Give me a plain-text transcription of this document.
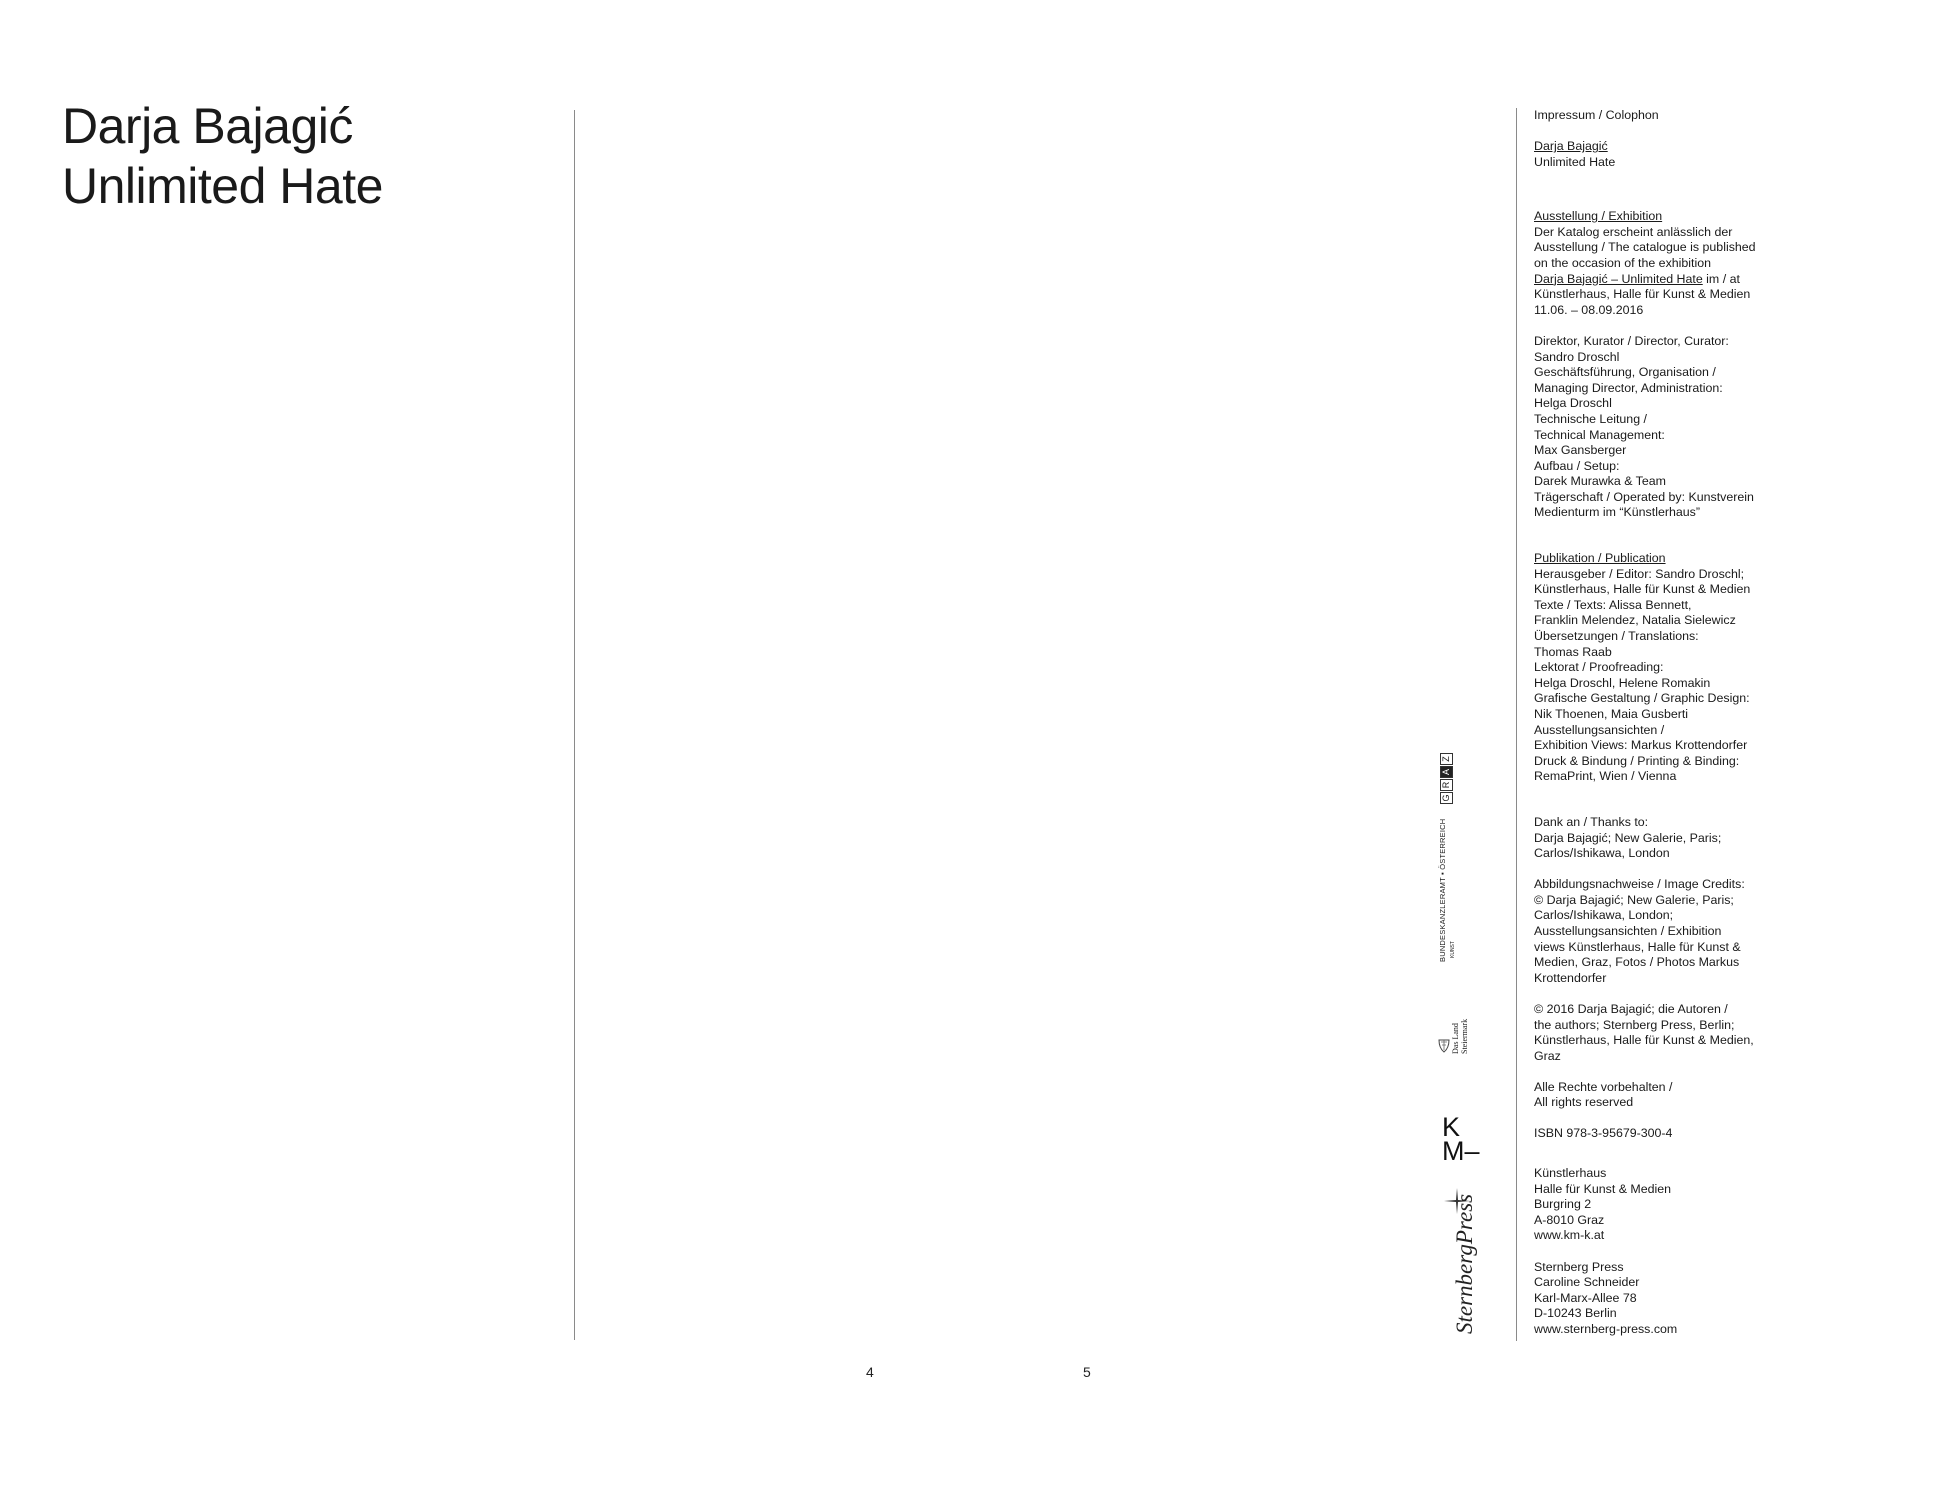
Darja Bajagić
Unlimited Hate
4	5
GRAZ
BUNDESKANZLERAMT ▪ ÖSTERREICH
KUNST
Das Land Steiermark
K
M–
SternbergPress
Impressum / Colophon
Darja Bajagić
Unlimited Hate
Ausstellung / Exhibition
Der Katalog erscheint anlässlich der
Ausstellung / The catalogue is published
on the occasion of the exhibition
Darja Bajagić – Unlimited Hate im / at
Künstlerhaus, Halle für Kunst & Medien
11.06. – 08.09.2016
Direktor, Kurator / Director, Curator:
Sandro Droschl
Geschäftsführung, Organisation /
Managing Director, Administration:
Helga Droschl
Technische Leitung /
Technical Management:
Max Gansberger
Aufbau / Setup:
Darek Murawka & Team
Trägerschaft / Operated by: Kunstverein
Medienturm im “Künstlerhaus”
Publikation / Publication
Herausgeber / Editor: Sandro Droschl;
Künstlerhaus, Halle für Kunst & Medien
Texte / Texts: Alissa Bennett,
Franklin Melendez, Natalia Sielewicz
Übersetzungen / Translations:
Thomas Raab
Lektorat / Proofreading:
Helga Droschl, Helene Romakin
Grafische Gestaltung / Graphic Design:
Nik Thoenen, Maia Gusberti
Ausstellungsansichten /
Exhibition Views: Markus Krottendorfer
Druck & Bindung / Printing & Binding:
RemaPrint, Wien / Vienna
Dank an / Thanks to:
Darja Bajagić; New Galerie, Paris;
Carlos/Ishikawa, London
Abbildungsnachweise / Image Credits:
© Darja Bajagić; New Galerie, Paris;
Carlos/Ishikawa, London;
Ausstellungsansichten / Exhibition
views Künstlerhaus, Halle für Kunst &
Medien, Graz, Fotos / Photos Markus
Krottendorfer
© 2016 Darja Bajagić; die Autoren /
the authors; Sternberg Press, Berlin;
Künstlerhaus, Halle für Kunst & Medien,
Graz
Alle Rechte vorbehalten /
All rights reserved
ISBN 978-3-95679-300-4
Künstlerhaus
Halle für Kunst & Medien
Burgring 2
A-8010 Graz
www.km-k.at
Sternberg Press
Caroline Schneider
Karl-Marx-Allee 78
D-10243 Berlin
www.sternberg-press.com
